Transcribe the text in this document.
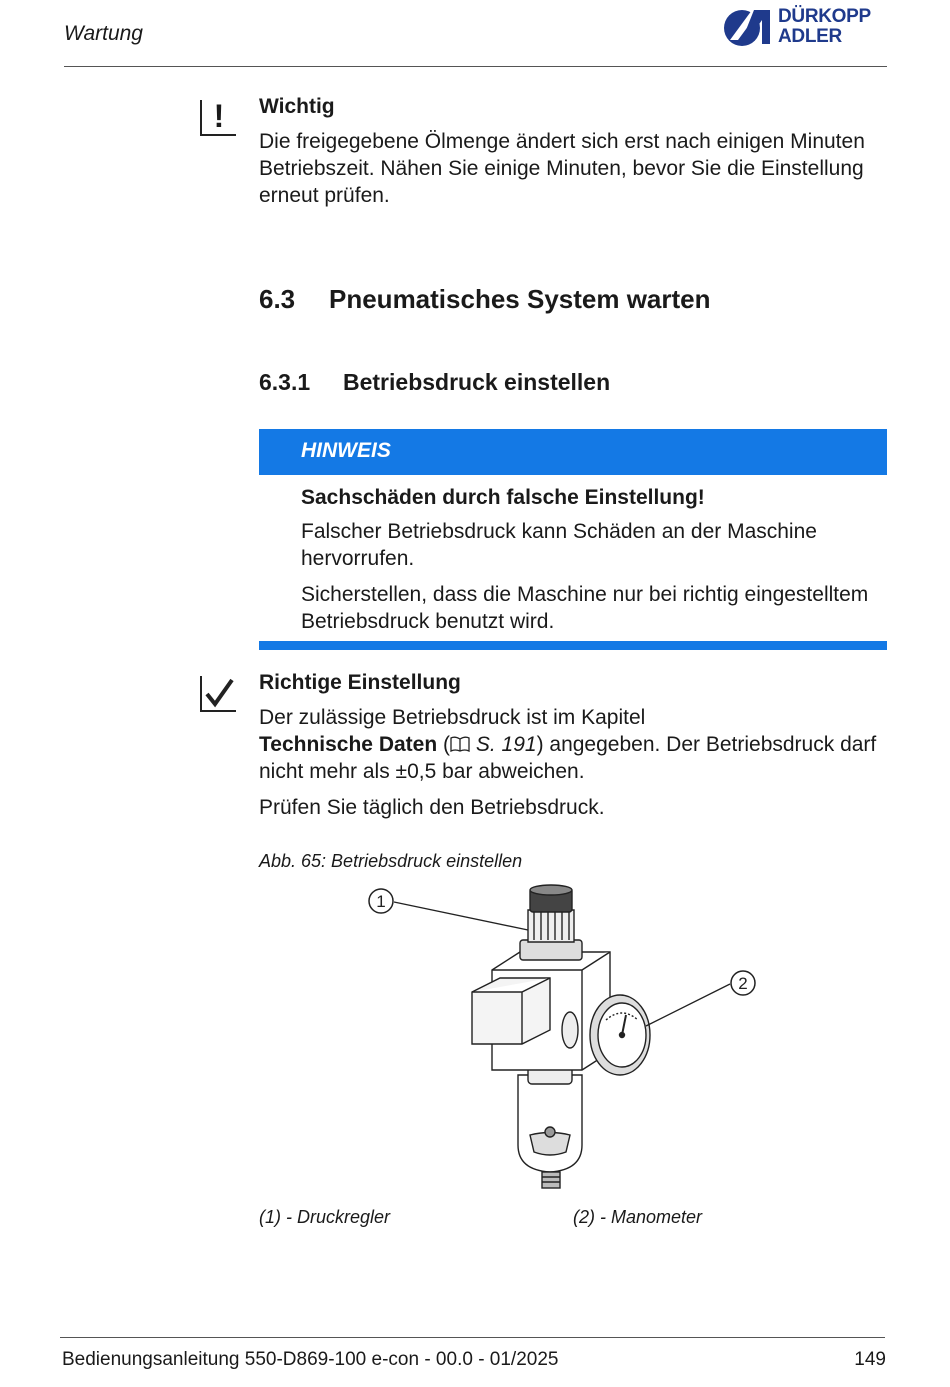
Wartung
DÜRKOPP
ADLER
!	Wichtig
Die freigegebene Ölmenge ändert sich erst nach einigen Minuten Betriebszeit. Nähen Sie einige Minuten, bevor Sie die Einstellung erneut prüfen.
6.3 Pneumatisches System warten
6.3.1 Betriebsdruck einstellen
HINWEIS
Sachschäden durch falsche Einstellung!
Falscher Betriebsdruck kann Schäden an der Maschine hervorrufen.
Sicherstellen, dass die Maschine nur bei richtig eingestelltem Betriebsdruck benutzt wird.
Richtige Einstellung
Der zulässige Betriebsdruck ist im Kapitel
Technische Daten ( S. 191) angegeben. Der Betriebsdruck darf nicht mehr als ±0,5 bar abweichen.
Prüfen Sie täglich den Betriebsdruck.
Abb. 65: Betriebsdruck einstellen
1
2
(1) - Druckregler	(2) - Manometer
Bedienungsanleitung 550-D869-100 e-con - 00.0 - 01/2025	149
